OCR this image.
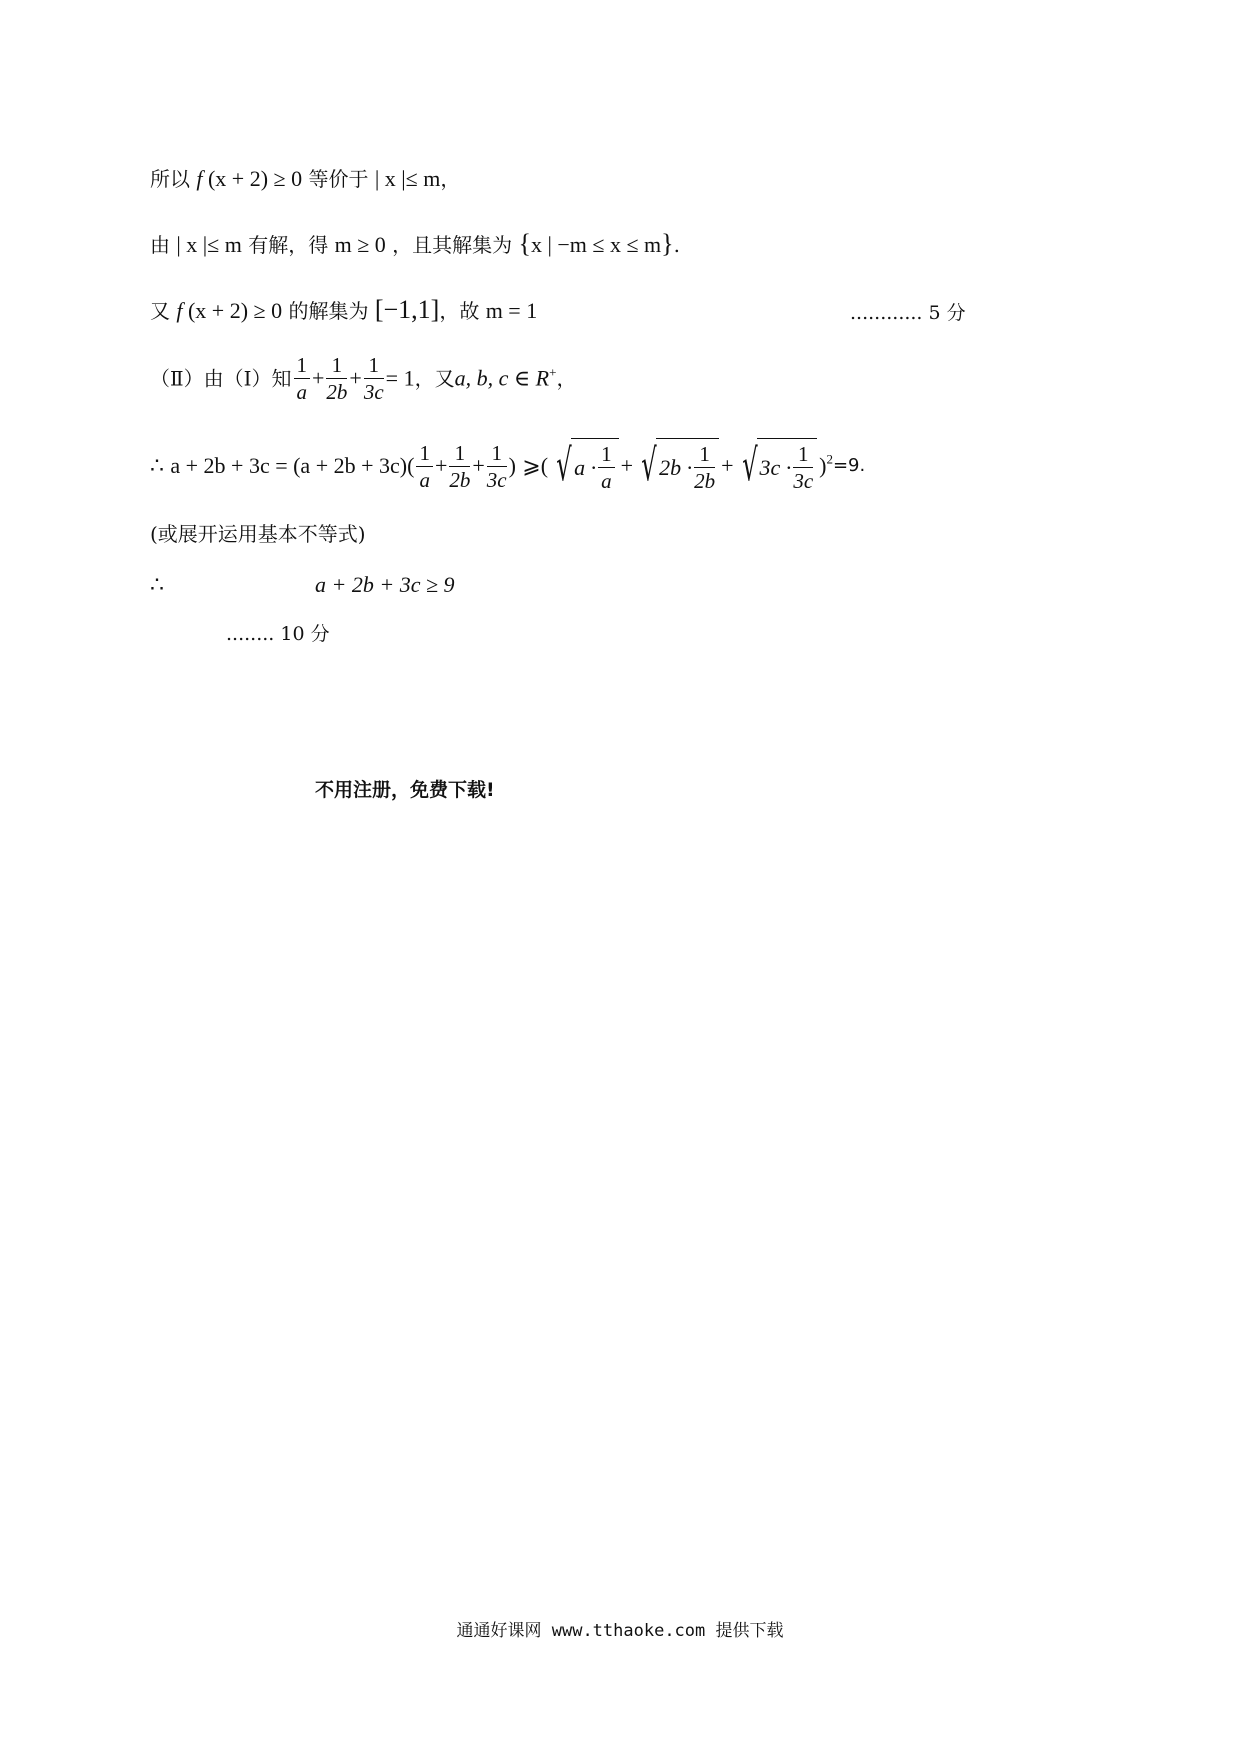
所以 f (x + 2) ≥ 0 等价于 | x |≤ m，
由 | x |≤ m 有解，得 m ≥ 0 ，且其解集为 {x | −m ≤ x ≤ m}.
又 f (x + 2) ≥ 0 的解集为 [−1,1]，故 m = 1	............ 5 分
（Ⅱ）由（Ⅰ）知 $\frac{1}{a} + \frac{1}{2b} + \frac{1}{3c} = 1$，又a, b, c ∈ R+，
∴ $a + 2b + 3c = (a + 2b + 3c)( \frac{1}{a} + \frac{1}{2b} + \frac{1}{3c}$ ) ⩾( √ $a \cdot \frac{1}{a}$ + √ $2b \cdot \frac{1}{2b}$ + √ $3c \cdot \frac{1}{3c} )^2=9$.
(或展开运用基本不等式)
∴	a + 2b + 3c ≥ 9
........ 10 分
不用注册，免费下载!
通通好课网 www.tthaoke.com 提供下载
